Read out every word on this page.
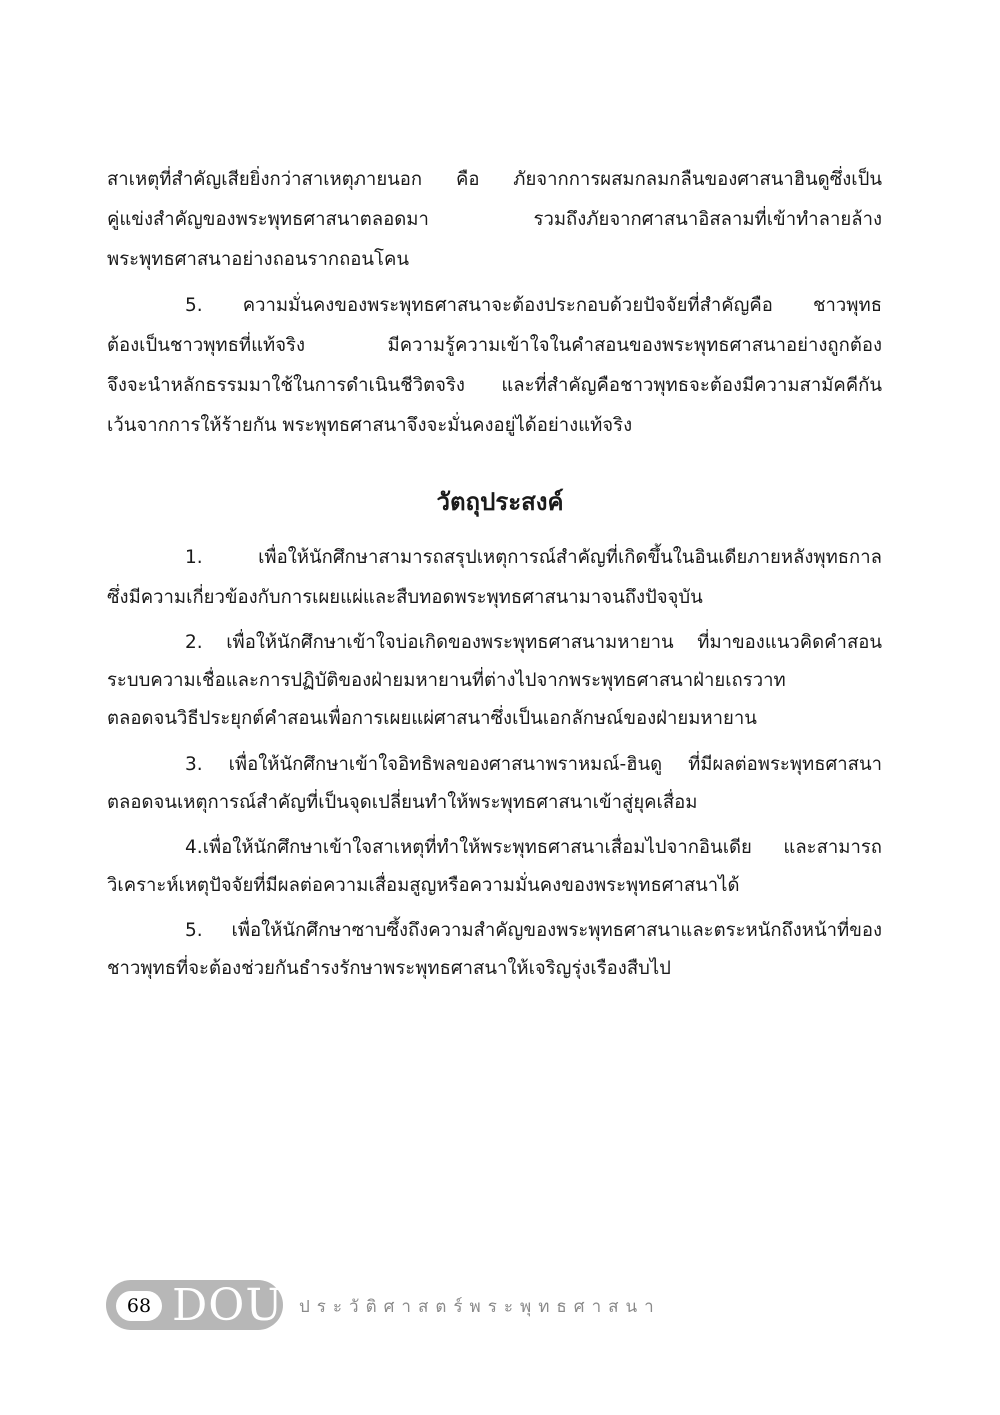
สาเหตุที่สำคัญเสียยิ่งกว่าสาเหตุภายนอก คือ ภัยจากการผสมกลมกลืนของศาสนาฮินดูซึ่งเป็น
คู่แข่งสำคัญของพระพุทธศาสนาตลอดมา รวมถึงภัยจากศาสนาอิสลามที่เข้าทำลายล้าง
พระพุทธศาสนาอย่างถอนรากถอนโคน
5. ความมั่นคงของพระพุทธศาสนาจะต้องประกอบด้วยปัจจัยที่สำคัญคือ ชาวพุทธ
ต้องเป็นชาวพุทธที่แท้จริง มีความรู้ความเข้าใจในคำสอนของพระพุทธศาสนาอย่างถูกต้อง
จึงจะนำหลักธรรมมาใช้ในการดำเนินชีวิตจริง และที่สำคัญคือชาวพุทธจะต้องมีความสามัคคีกัน
เว้นจากการให้ร้ายกัน พระพุทธศาสนาจึงจะมั่นคงอยู่ได้อย่างแท้จริง
วัตถุประสงค์
1. เพื่อให้นักศึกษาสามารถสรุปเหตุการณ์สำคัญที่เกิดขึ้นในอินเดียภายหลังพุทธกาล
ซึ่งมีความเกี่ยวข้องกับการเผยแผ่และสืบทอดพระพุทธศาสนามาจนถึงปัจจุบัน
2. เพื่อให้นักศึกษาเข้าใจบ่อเกิดของพระพุทธศาสนามหายาน ที่มาของแนวคิดคำสอน
ระบบความเชื่อและการปฏิบัติของฝ่ายมหายานที่ต่างไปจากพระพุทธศาสนาฝ่ายเถรวาท
ตลอดจนวิธีประยุกต์คำสอนเพื่อการเผยแผ่ศาสนาซึ่งเป็นเอกลักษณ์ของฝ่ายมหายาน
3. เพื่อให้นักศึกษาเข้าใจอิทธิพลของศาสนาพราหมณ์-ฮินดู ที่มีผลต่อพระพุทธศาสนา
ตลอดจนเหตุการณ์สำคัญที่เป็นจุดเปลี่ยนทำให้พระพุทธศาสนาเข้าสู่ยุคเสื่อม
4.เพื่อให้นักศึกษาเข้าใจสาเหตุที่ทำให้พระพุทธศาสนาเสื่อมไปจากอินเดีย และสามารถ
วิเคราะห์เหตุปัจจัยที่มีผลต่อความเสื่อมสูญหรือความมั่นคงของพระพุทธศาสนาได้
5. เพื่อให้นักศึกษาซาบซึ้งถึงความสำคัญของพระพุทธศาสนาและตระหนักถึงหน้าที่ของ
ชาวพุทธที่จะต้องช่วยกันธำรงรักษาพระพุทธศาสนาให้เจริญรุ่งเรืองสืบไป
68 DOU ประวัติศาสตร์พระพุทธศาสนา
